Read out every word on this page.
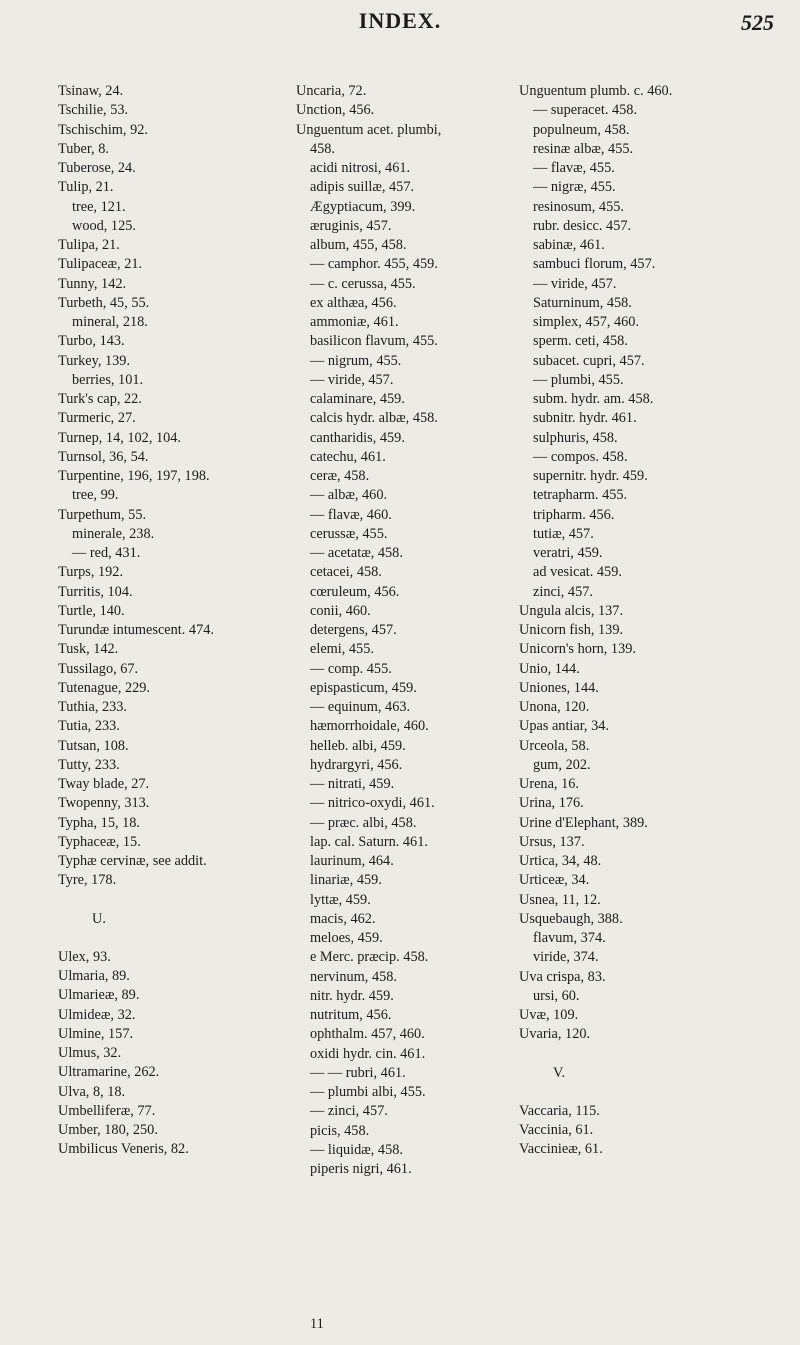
INDEX.	525
Tsinaw, 24.
Tschilie, 53.
Tschischim, 92.
Tuber, 8.
Tuberose, 24.
Tulip, 21.
tree, 121.
wood, 125.
Tulipa, 21.
Tulipaceæ, 21.
Tunny, 142.
Turbeth, 45, 55.
mineral, 218.
Turbo, 143.
Turkey, 139.
berries, 101.
Turk's cap, 22.
Turmeric, 27.
Turnep, 14, 102, 104.
Turnsol, 36, 54.
Turpentine, 196, 197, 198.
tree, 99.
Turpethum, 55.
minerale, 238.
— red, 431.
Turps, 192.
Turritis, 104.
Turtle, 140.
Turundæ intumescent. 474.
Tusk, 142.
Tussilago, 67.
Tutenague, 229.
Tuthia, 233.
Tutia, 233.
Tutsan, 108.
Tutty, 233.
Tway blade, 27.
Twopenny, 313.
Typha, 15, 18.
Typhaceæ, 15.
Typhæ cervinæ, see addit.
Tyre, 178.
U.
Ulex, 93.
Ulmaria, 89.
Ulmarieæ, 89.
Ulmideæ, 32.
Ulmine, 157.
Ulmus, 32.
Ultramarine, 262.
Ulva, 8, 18.
Umbelliferæ, 77.
Umber, 180, 250.
Umbilicus Veneris, 82.
Uncaria, 72.
Unction, 456.
Unguentum acet. plumbi,
458.
acidi nitrosi, 461.
adipis suillæ, 457.
Ægyptiacum, 399.
æruginis, 457.
album, 455, 458.
— camphor. 455, 459.
— c. cerussa, 455.
ex althæa, 456.
ammoniæ, 461.
basilicon flavum, 455.
— nigrum, 455.
— viride, 457.
calaminare, 459.
calcis hydr. albæ, 458.
cantharidis, 459.
catechu, 461.
ceræ, 458.
— albæ, 460.
— flavæ, 460.
cerussæ, 455.
— acetatæ, 458.
cetacei, 458.
cœruleum, 456.
conii, 460.
detergens, 457.
elemi, 455.
— comp. 455.
epispasticum, 459.
— equinum, 463.
hæmorrhoidale, 460.
helleb. albi, 459.
hydrargyri, 456.
— nitrati, 459.
— nitrico-oxydi, 461.
— præc. albi, 458.
lap. cal. Saturn. 461.
laurinum, 464.
linariæ, 459.
lyttæ, 459.
macis, 462.
meloes, 459.
e Merc. præcip. 458.
nervinum, 458.
nitr. hydr. 459.
nutritum, 456.
ophthalm. 457, 460.
oxidi hydr. cin. 461.
— — rubri, 461.
— plumbi albi, 455.
— zinci, 457.
picis, 458.
— liquidæ, 458.
piperis nigri, 461.
Unguentum plumb. c. 460.
— superacet. 458.
populneum, 458.
resinæ albæ, 455.
— flavæ, 455.
— nigræ, 455.
resinosum, 455.
rubr. desicc. 457.
sabinæ, 461.
sambuci florum, 457.
— viride, 457.
Saturninum, 458.
simplex, 457, 460.
sperm. ceti, 458.
subacet. cupri, 457.
— plumbi, 455.
subm. hydr. am. 458.
subnitr. hydr. 461.
sulphuris, 458.
— compos. 458.
supernitr. hydr. 459.
tetrapharm. 455.
tripharm. 456.
tutiæ, 457.
veratri, 459.
ad vesicat. 459.
zinci, 457.
Ungula alcis, 137.
Unicorn fish, 139.
Unicorn's horn, 139.
Unio, 144.
Uniones, 144.
Unona, 120.
Upas antiar, 34.
Urceola, 58.
gum, 202.
Urena, 16.
Urina, 176.
Urine d'Elephant, 389.
Ursus, 137.
Urtica, 34, 48.
Urticeæ, 34.
Usnea, 11, 12.
Usquebaugh, 388.
flavum, 374.
viride, 374.
Uva crispa, 83.
ursi, 60.
Uvæ, 109.
Uvaria, 120.
V.
Vaccaria, 115.
Vaccinia, 61.
Vaccinieæ, 61.
11
